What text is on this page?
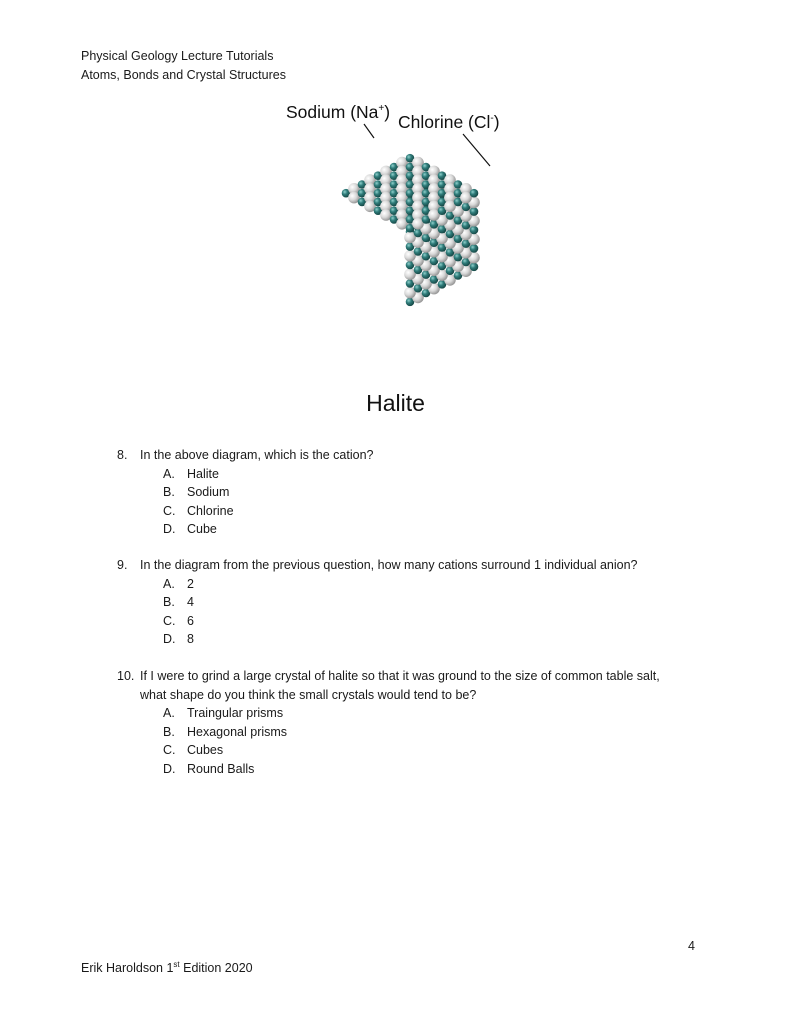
Physical Geology Lecture Tutorials
Atoms, Bonds and Crystal Structures
Sodium (Na+) Chlorine (Cl-)
Halite
8. In the above diagram, which is the cation?
A. Halite
B. Sodium
C. Chlorine
D. Cube
9. In the diagram from the previous question, how many cations surround 1 individual anion?
A. 2
B. 4
C. 6
D. 8
10. If I were to grind a large crystal of halite so that it was ground to the size of common table salt,
what shape do you think the small crystals would tend to be?
A. Traingular prisms
B. Hexagonal prisms
C. Cubes
D. Round Balls
4
Erik Haroldson 1st Edition 2020
